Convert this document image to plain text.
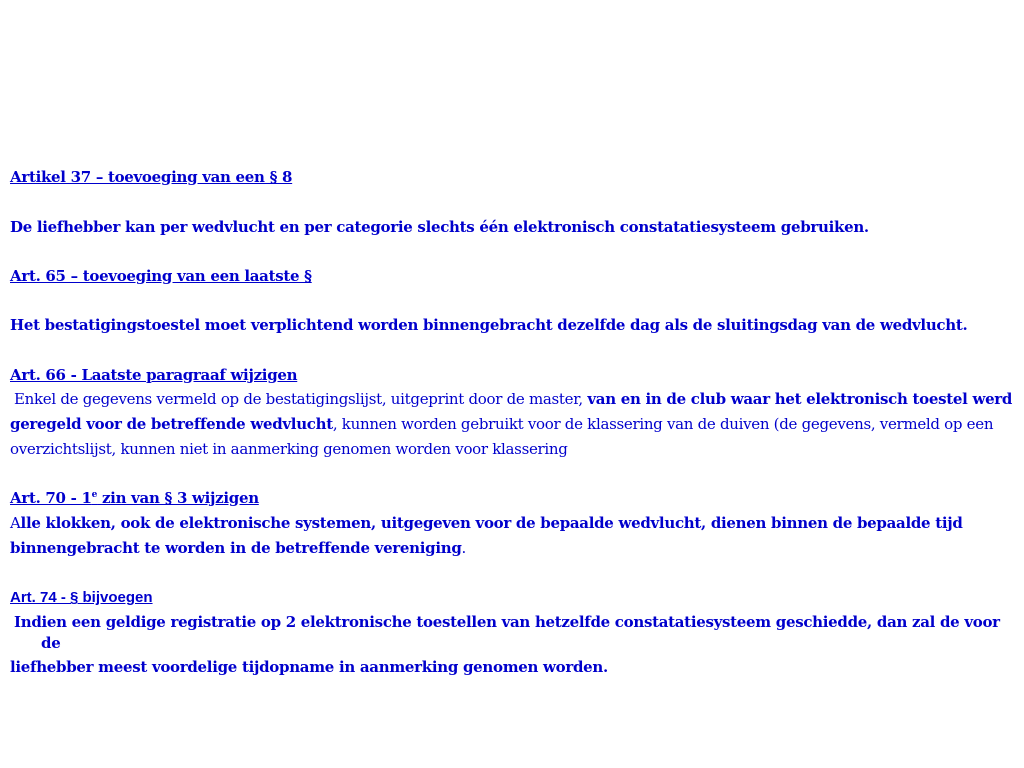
Artikel 37 – toevoeging van een § 8
De liefhebber kan per wedvlucht en per categorie slechts één elektronisch constatatiesysteem gebruiken.
Art. 65 – toevoeging van een laatste §
Het bestatigingstoestel moet verplichtend worden binnengebracht dezelfde dag als de sluitingsdag van de wedvlucht.
Art. 66 - Laatste paragraaf wijzigen
Enkel de gegevens vermeld op de bestatigingslijst, uitgeprint door de master, van en in de club waar het elektronisch toestel werd
geregeld voor de betreffende wedvlucht, kunnen worden gebruikt voor de klassering van de duiven (de gegevens, vermeld op een
overzichtslijst, kunnen niet in aanmerking genomen worden voor klassering
Art. 70 - 1e zin van § 3 wijzigen
Alle klokken, ook de elektronische systemen, uitgegeven voor de bepaalde wedvlucht, dienen binnen de bepaalde tijd
binnengebracht te worden in de betreffende vereniging.
Art. 74 - § bijvoegen
Indien een geldige registratie op 2 elektronische toestellen van hetzelfde constatatiesysteem geschiedde, dan zal de voor
de
liefhebber meest voordelige tijdopname in aanmerking genomen worden.
